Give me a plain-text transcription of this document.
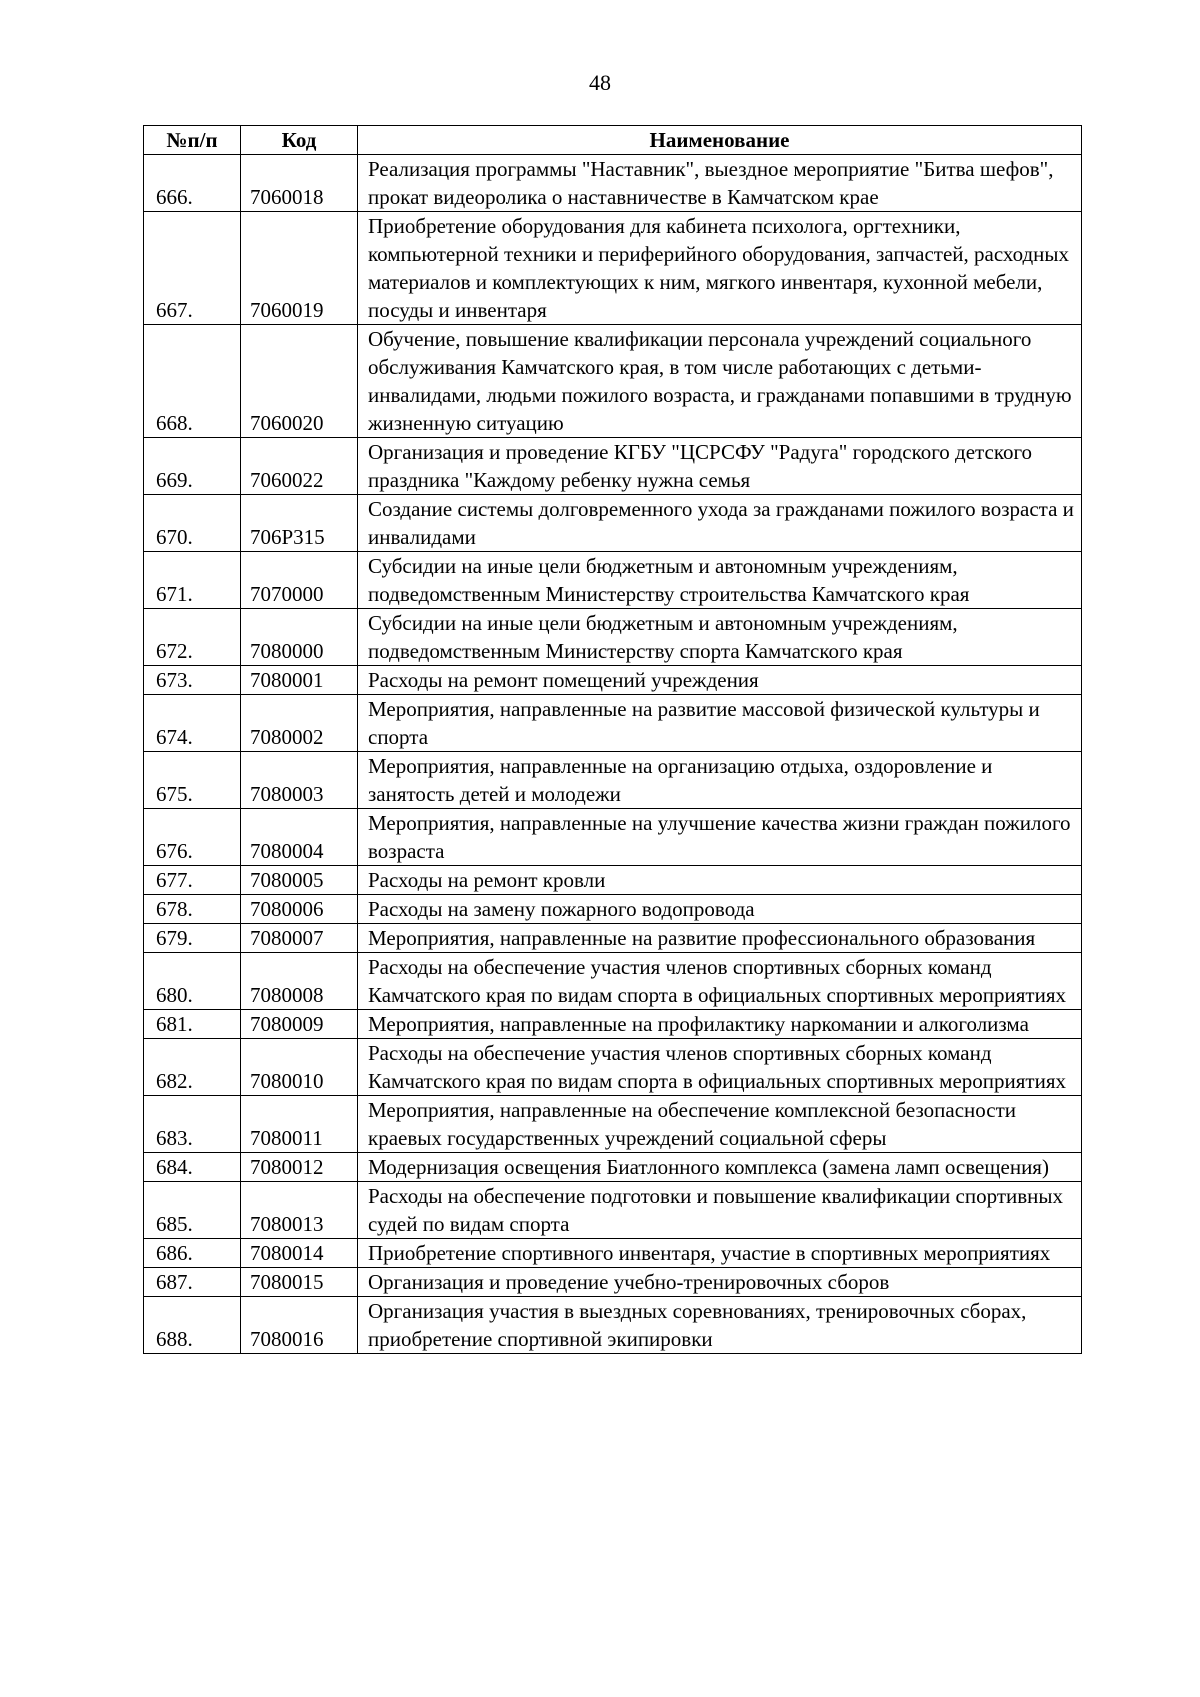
48
№п/п	Код	Наименование
666.	7060018	Реализация программы "Наставник", выездное мероприятие "Битва шефов", прокат видеоролика о наставничестве в Камчатском крае
667.	7060019	Приобретение оборудования для кабинета психолога, оргтехники, компьютерной техники и периферийного оборудования, запчастей, расходных материалов и комплектующих к ним, мягкого инвентаря, кухонной мебели, посуды и инвентаря
668.	7060020	Обучение, повышение квалификации персонала учреждений социального обслуживания Камчатского края, в том числе работающих с детьми-инвалидами, людьми пожилого возраста, и гражданами попавшими в трудную жизненную ситуацию
669.	7060022	Организация и проведение КГБУ "ЦСРСФУ "Радуга" городского детского праздника "Каждому ребенку нужна семья
670.	706P315	Создание системы долговременного ухода за гражданами пожилого возраста и инвалидами
671.	7070000	Субсидии на иные цели бюджетным и автономным учреждениям, подведомственным Министерству строительства Камчатского края
672.	7080000	Субсидии на иные цели бюджетным и автономным учреждениям, подведомственным Министерству спорта Камчатского края
673.	7080001	Расходы на ремонт помещений учреждения
674.	7080002	Мероприятия, направленные на развитие массовой физической культуры и спорта
675.	7080003	Мероприятия, направленные на организацию отдыха, оздоровление и занятость детей и молодежи
676.	7080004	Мероприятия, направленные на улучшение качества жизни граждан пожилого возраста
677.	7080005	Расходы на ремонт кровли
678.	7080006	Расходы на замену пожарного водопровода
679.	7080007	Мероприятия, направленные на развитие профессионального образования
680.	7080008	Расходы на обеспечение участия членов спортивных сборных команд Камчатского края по видам спорта в официальных спортивных мероприятиях
681.	7080009	Мероприятия, направленные на профилактику наркомании и алкоголизма
682.	7080010	Расходы на обеспечение участия членов спортивных сборных команд Камчатского края по видам спорта в официальных спортивных мероприятиях
683.	7080011	Мероприятия, направленные на обеспечение комплексной безопасности краевых государственных учреждений социальной сферы
684.	7080012	Модернизация освещения Биатлонного комплекса (замена ламп освещения)
685.	7080013	Расходы на обеспечение подготовки и повышение квалификации спортивных судей по видам спорта
686.	7080014	Приобретение спортивного инвентаря, участие в спортивных мероприятиях
687.	7080015	Организация и проведение учебно-тренировочных сборов
688.	7080016	Организация участия в выездных соревнованиях, тренировочных сборах, приобретение спортивной экипировки
